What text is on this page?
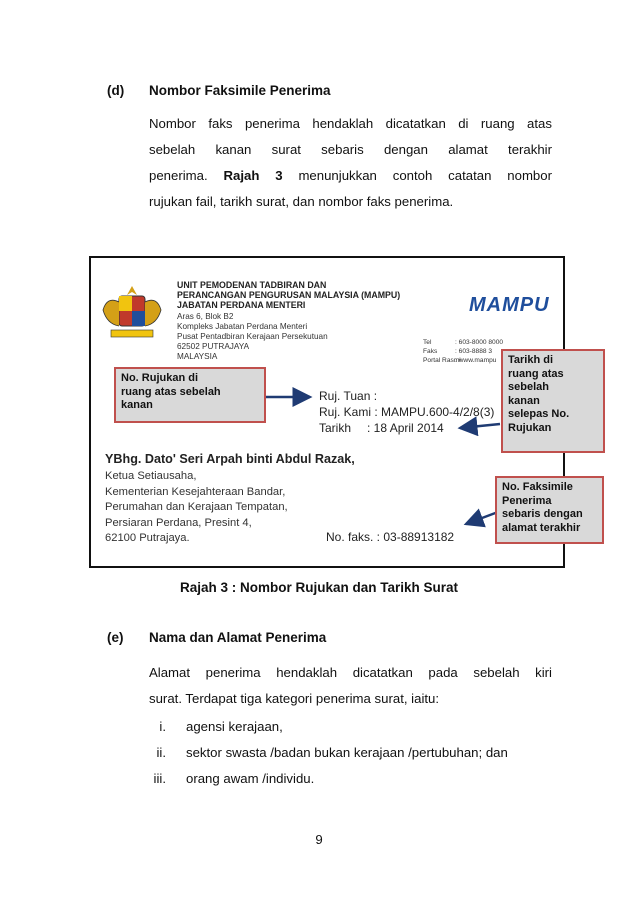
(d) Nombor Faksimile Penerima
Nombor faks penerima hendaklah dicatatkan di ruang atas
sebelah kanan surat sebaris dengan alamat terakhir
penerima. Rajah 3 menunjukkan contoh catatan nombor
rujukan fail, tarikh surat, dan nombor faks penerima.
UNIT PEMODENAN TADBIRAN DAN
PERANCANGAN PENGURUSAN MALAYSIA (MAMPU)
JABATAN PERDANA MENTERI
Aras 6, Blok B2
Kompleks Jabatan Perdana Menteri
Pusat Pentadbiran Kerajaan Persekutuan
62502 PUTRAJAYA
MALAYSIA
MAMPU
Tel
Faks
Portal Rasmi
: 603-8000 8000
: 603-8888 3
: www.mampu
Ruj. Tuan :
Ruj. Kami : MAMPU.600-4/2/8(3)
Tarikh : 18 April 2014
YBhg. Dato' Seri Arpah binti Abdul Razak,
Ketua Setiausaha,
Kementerian Kesejahteraan Bandar,
Perumahan dan Kerajaan Tempatan,
Persiaran Perdana, Presint 4,
62100 Putrajaya.	No. faks. : 03-88913182
No. Rujukan di
ruang atas sebelah
kanan
Tarikh di
ruang atas
sebelah
kanan
selepas No.
Rujukan
No. Faksimile
Penerima
sebaris dengan
alamat terakhir
Rajah 3 : Nombor Rujukan dan Tarikh Surat
(e) Nama dan Alamat Penerima
Alamat penerima hendaklah dicatatkan pada sebelah kiri
surat. Terdapat tiga kategori penerima surat, iaitu:
i. agensi kerajaan,
ii. sektor swasta /badan bukan kerajaan /pertubuhan; dan
iii. orang awam /individu.
9
